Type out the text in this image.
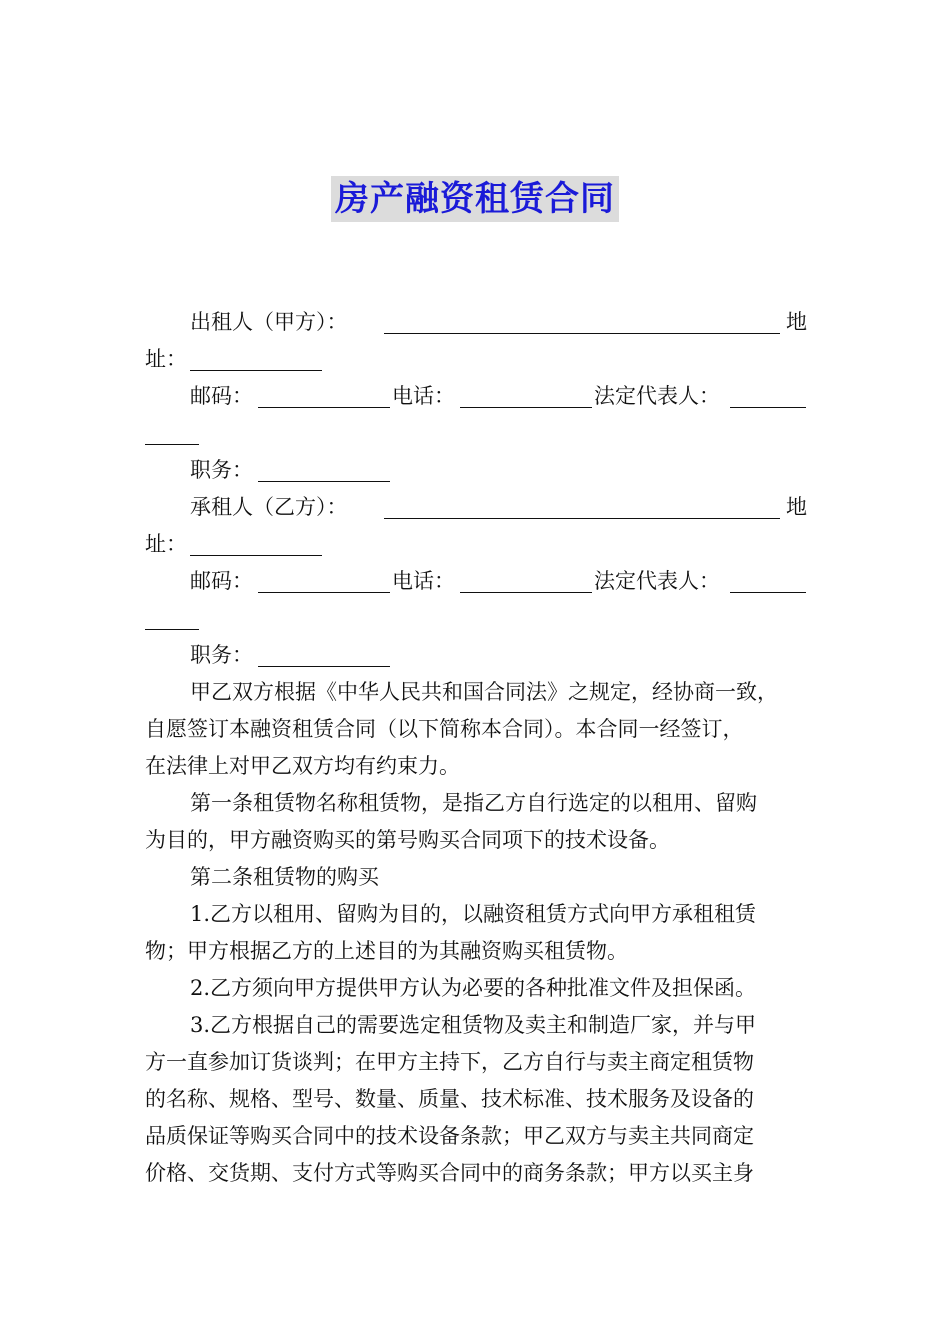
房产融资租赁合同
出租人（甲方）：	地
址：
邮码：	电话：	法定代表人：
职务：
承租人（乙方）：	地
址：
邮码：	电话：	法定代表人：
职务：
甲乙双方根据《中华人民共和国合同法》之规定，经协商一致，
自愿签订本融资租赁合同（以下简称本合同）。本合同一经签订，
在法律上对甲乙双方均有约束力。
第一条租赁物名称租赁物，是指乙方自行选定的以租用、留购
为目的，甲方融资购买的第号购买合同项下的技术设备。
第二条租赁物的购买
1.乙方以租用、留购为目的，以融资租赁方式向甲方承租租赁
物；甲方根据乙方的上述目的为其融资购买租赁物。
2.乙方须向甲方提供甲方认为必要的各种批准文件及担保函。
3.乙方根据自己的需要选定租赁物及卖主和制造厂家，并与甲
方一直参加订货谈判；在甲方主持下，乙方自行与卖主商定租赁物
的名称、规格、型号、数量、质量、技术标准、技术服务及设备的
品质保证等购买合同中的技术设备条款；甲乙双方与卖主共同商定
价格、交货期、支付方式等购买合同中的商务条款；甲方以买主身
